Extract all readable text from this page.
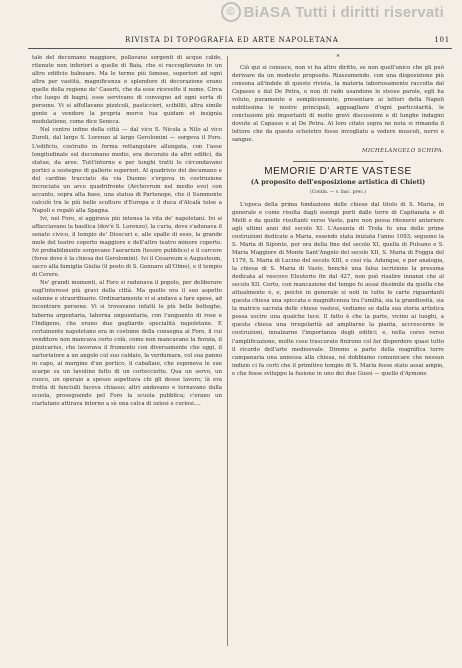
© BiASA Tutti i diritti riservati
RIVISTA DI TOPOGRAFIA ED ARTE NAPOLETANA	101

tale del decumano maggiore, pollavano sorgenti di acque calde, ritenute non inferiori a quelle di Baia, che si raccoglievano in un altro edificio balneare. Ma le terme più famose, superiori ad ogni altra per vastità, magnificenza e splendore di decorazione erano quelle della regione de' Caserti, che da esse ricevette il nome. Circa che luogo di bagni, esse servivano di convegno ad ogni sorta di persone. Vi si affollavano pizzicoli, pasticcieri, scibiliti, altra simile gente a vendere la propria merce tua quidam et insignia modulatione, come dice Seneca.

Nel centro infine della città — dal vico S. Nicola a Nilo al vico Zuroli, dal largo S. Lorenzo al largo Gerolomini — sorgeva il Foro. L'edificio, costruito in forma rettangolare allungata, con l'asse longitudinale sul decumano medio, era decorato da altri edifici, da statue, da aree. Tutt'intorno e per lunghi tratti lo circondavano portici a sostegno di gallerie superiori. Al quadrivio del decumano e del cardine tracciato da via Duomo s'ergeva in costruzione incrociata un arco quadrifronte (Archovrum nel medio evo) con accanto, sopra alta base, una statua di Partenope, che il Summonte calcolò tra le più belle sculture d'Europa e il duca d'Alcalà tolse a Napoli e regalò alla Spagna.

Ivi, nel Foro, si aggirava più intensa la vita de' napoletani. Ivi si affacciavano la basilica (dov'è S. Lorenzo), la curia, dove s'adunava il senato civico, il tempio de' Dioscuri e, alle spalle di esso, la grande mole del teatro coperto maggiore e dell'altro teatro minore coperto. Ivi probabilmente sorgevano l'aerarium (tesoro pubblico) e il carcere (forse dove è la chiesa dei Gerolomini). Ivi il Cesareum o Augusteum, sacro alla famiglia Giulia (il posto di S. Gennaro all'Olmo), e il tempio di Cerere.

Ne' grandi momenti, al Foro si radunava il popolo, per deliberare sugl'interessi più gravi della città. Ma quello era il suo aspetto solenne e straordinario. Ordinariamente vi si andava a fare spese, ad incontrare persone. Vi si trovavano infatti le più belle botteghe, taberna argentaria, taberna unguentaria, con l'unguento di rose e l'Indigeno, che erano due gagliarde specialità napoletane. E certainente napoletano era in costume della consegna al Foro, il cui venditore non mancava certo colà, come non mancavano la fioraia, il pizzicarius, che lavorava il frumento con diversamente che oggi, il sartoriatore a un angolo col suo caldaio, la verdumara, col sua panno in capo, al margine d'un portico, il caballaio, che esponeva le sue scarpe su un tavolino fatto di un cortecciotto. Qua un servo, un cuoco, un operaio a spesso aspettava chi gli desse lavoro; là era frotta di fanciulli faceva chiasso; altri andavano e tornavano dalla scuola, proseguendo pel Foro la scuola pubblica; c'erano un ciarlatano attirava intorno a sè una calca di oziosi e curiosi....

*

Ciò qui si conosce, non vi ha altro diritto, se non quell'unico che gli può derivare da un modesto proposito. Riassumendo, con una disposizione più consona all'indole di questo rivista, la materia laboriosamente raccolta dal Capasso e dal De Petra, e non di rado usandone le stesse parole, egli ha voluto, puramente e semplicemente, presentare ai lettori della Napoli nobilissima le nostre principali, agguagliare d'ogni particolarità, le conclusioni più importanti di molte gravi discussioni e di lunghe indagini dovute al Capasso e al De Petra. Al loro citato sopra ne nota si rimanda il lettore che da questo scheletro fosse invogliato a vedere muscoli, nervi e sangue.

MICHELANGELO SCHIPA.
MEMORIE D'ARTE VASTESE
(A proposito dell'esposizione artistica di Chieti)
(Contin. — v. fasc. prec.)

L'epoca della prima fondazione delle chiese dal titolo di S. Maria, in generale e come risulta dagli esempi porti dalle terre di Capitanata e di Melfi e da quelle risultanti verso Vasto, pare non possa ritenersi anteriore agli ultimi anni del secolo XI. L'Assunta di Trola fu una delle prime costruzioni dedicate a Maria, essendo stata iniziata l'anno 1093; seguono la S. Maria di Siponto, per ora della fine del secolo XI, quella di Pulsano e S. Maria Maggiore di Monte Sant'Angelo del secolo XII, S. Maria di Foggia del 1179, S. Maria di Lucino del secolo XIII, e così via. Adunque, e per analogia, la chiesa di S. Maria di Vasto, benchè una falsa iscrizione la presuma dedicata al vescovo Eleuterio fin dal 427, non può risalire innanzi che al secolo XII. Certo, con mancazione del tempo fu assai dissimile da quella che attualmente è, e, poichè in generale si noti in tutte le carte riguardanti questa chiesa una spiccata e magnificenza tra l'umiltà, sia la grandiosità, sia la matrice sacrata delle chiese vastesi, vediamo se dalla sua storia artistica possa uscire una qualche luce. Il fatto è che la parte, vicino ai luoghi, a questa chiesa una irregolarità ad ampliarne la pianta, accrescerne le costruzioni, innalzarne l'importanza degli edifici; e, nella corso verso l'amplificazione, molte cose trascurate finirono col far disperdere quasi tutto il ricordo dell'arte medioevale. Diremo a parte della magnifica torre campanaria una annessa alla chiesa, né dobbiamo comunicare che nessun indizio ci fa certi che il primitivo tempio di S. Maria fosse stato assai ampio, e che fosse sviluppo la fusione in uno dei due Gussi — quello d'Aymone
